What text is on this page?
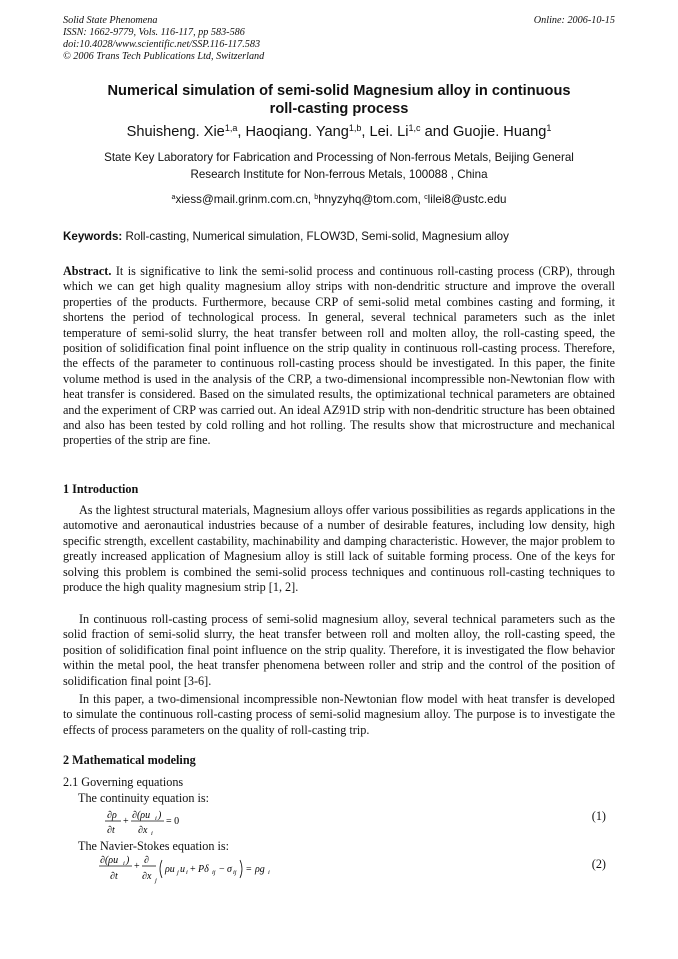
Solid State Phenomena
ISSN: 1662-9779, Vols. 116-117, pp 583-586
doi:10.4028/www.scientific.net/SSP.116-117.583
© 2006 Trans Tech Publications Ltd, Switzerland
Online: 2006-10-15
Numerical simulation of semi-solid Magnesium alloy in continuous
roll-casting process
Shuisheng. Xie$^{1,a}$, Haoqiang. Yang$^{1,b}$, Lei. Li$^{1,c}$ and Guojie. Huang$^1$
State Key Laboratory for Fabrication and Processing of Non-ferrous Metals, Beijing General
Research Institute for Non-ferrous Metals, 100088 , China
$^a$xiess@mail.grinm.com.cn, $^b$hnyzyhq@tom.com, $^c$lilei8@ustc.edu
Keywords: Roll-casting, Numerical simulation, FLOW3D, Semi-solid, Magnesium alloy
Abstract. It is significative to link the semi-solid process and continuous roll-casting process (CRP), through which we can get high quality magnesium alloy strips with non-dendritic structure and improve the overall properties of the products. Furthermore, because CRP of semi-solid metal combines casting and forming, it shortens the period of technological process. In general, several technical parameters such as the inlet temperature of semi-solid slurry, the heat transfer between roll and molten alloy, the roll-casting speed, the position of solidification final point influence on the strip quality in continuous roll-casting process. Therefore, the effects of the parameter to continuous roll-casting process should be investigated. In this paper, the finite volume method is used in the analysis of the CRP, a two-dimensional incompressible non-Newtonian flow with heat transfer is considered. Based on the simulated results, the optimizational technical parameters are obtained and the experiment of CRP was carried out. An ideal AZ91D strip with non-dendritic structure has been obtained and also has been tested by cold rolling and hot rolling. The results show that microstructure and mechanical properties of the strip are fine.
1 Introduction
As the lightest structural materials, Magnesium alloys offer various possibilities as regards applications in the automotive and aeronautical industries because of a number of desirable features, including low density, high specific strength, excellent castability, machinability and damping characteristic. However, the major problem to greatly increased application of Magnesium alloy is still lack of suitable forming process. One of the keys for solving this problem is combined the semi-solid process techniques and continuous roll-casting techniques to produce the high quality magnesium strip [1, 2].
In continuous roll-casting process of semi-solid magnesium alloy, several technical parameters such as the solid fraction of semi-solid slurry, the heat transfer between roll and molten alloy, the roll-casting speed, the position of solidification final point influence on the strip quality. Therefore, it is investigated the flow behavior within the metal pool, the heat transfer phenomena between roller and strip and the control of the position of solidification final point [3-6].
In this paper, a two-dimensional incompressible non-Newtonian flow model with heat transfer is developed to simulate the continuous roll-casting process of semi-solid magnesium alloy. The purpose is to investigate the effects of process parameters on the quality of roll-casting trip.
2 Mathematical modeling
2.1 Governing equations
The continuity equation is:
∂ρ
∂t
+
∂(ρu i )
∂x i
= 0	(1)
The Navier-Stokes equation is:
∂(ρu i )
∂t
+
∂
∂x j
ρu j u i + Pδ ij − σ ij = ρg i
(2)
